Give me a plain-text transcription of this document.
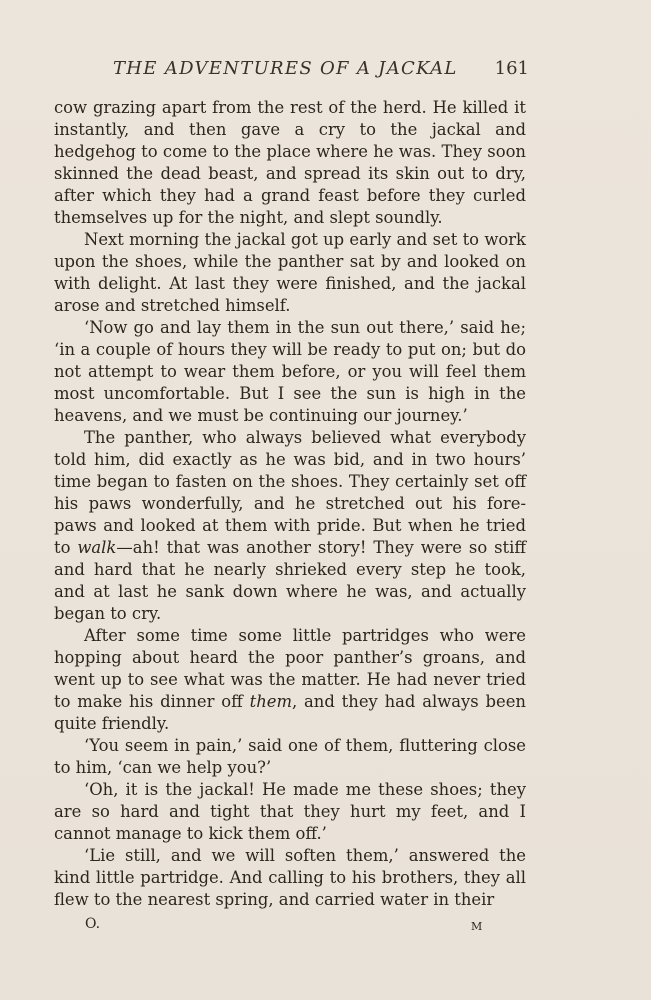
THE ADVENTURES OF A JACKAL 161

cow grazing apart from the rest of the herd. He killed it instantly, and then gave a cry to the jackal and hedgehog to come to the place where he was. They soon skinned the dead beast, and spread its skin out to dry, after which they had a grand feast before they curled themselves up for the night, and slept soundly.

Next morning the jackal got up early and set to work upon the shoes, while the panther sat by and looked on with delight. At last they were finished, and the jackal arose and stretched himself.

‘Now go and lay them in the sun out there,’ said he; ‘in a couple of hours they will be ready to put on; but do not attempt to wear them before, or you will feel them most uncomfortable. But I see the sun is high in the heavens, and we must be continuing our journey.’

The panther, who always believed what everybody told him, did exactly as he was bid, and in two hours’ time began to fasten on the shoes. They certainly set off his paws wonderfully, and he stretched out his fore-paws and looked at them with pride. But when he tried to walk—ah! that was another story! They were so stiff and hard that he nearly shrieked every step he took, and at last he sank down where he was, and actually began to cry.

After some time some little partridges who were hopping about heard the poor panther’s groans, and went up to see what was the matter. He had never tried to make his dinner off them, and they had always been quite friendly.

‘You seem in pain,’ said one of them, fluttering close to him, ‘can we help you?’

‘Oh, it is the jackal! He made me these shoes; they are so hard and tight that they hurt my feet, and I cannot manage to kick them off.’

‘Lie still, and we will soften them,’ answered the kind little partridge. And calling to his brothers, they all flew to the nearest spring, and carried water in their

O.	M
